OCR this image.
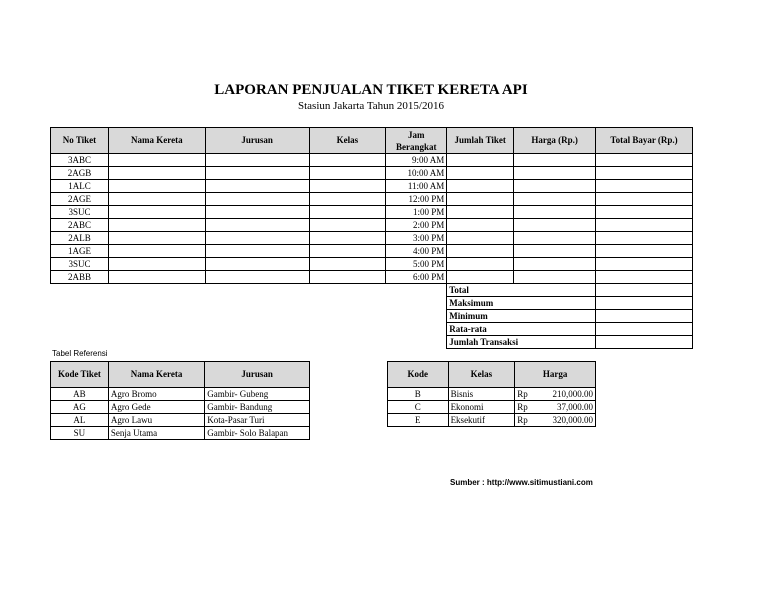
LAPORAN PENJUALAN TIKET KERETA API
Stasiun Jakarta Tahun 2015/2016
No Tiket	Nama Kereta	Jurusan	Kelas	Jam Berangkat	Jumlah Tiket	Harga (Rp.)	Total Bayar (Rp.)
3ABC				9:00 AM			
2AGB				10:00 AM			
1ALC				11:00 AM			
2AGE				12:00 PM			
3SUC				1:00 PM			
2ABC				2:00 PM			
2ALB				3:00 PM			
1AGE				4:00 PM			
3SUC				5:00 PM			
2ABB				6:00 PM			
					Total		
					Maksimum		
					Minimum		
					Rata-rata		
					Jumlah Transaksi		
Tabel Referensi
Kode Tiket	Nama Kereta	Jurusan
AB	Agro Bromo	Gambir- Gubeng
AG	Agro Gede	Gambir- Bandung
AL	Agro Lawu	Kota-Pasar Turi
SU	Senja Utama	Gambir- Solo Balapan
Kode	Kelas	Harga	
B	Bisnis	Rp	210,000.00
C	Ekonomi	Rp	37,000.00
E	Eksekutif	Rp	320,000.00
Sumber : http://www.sitimustiani.com
